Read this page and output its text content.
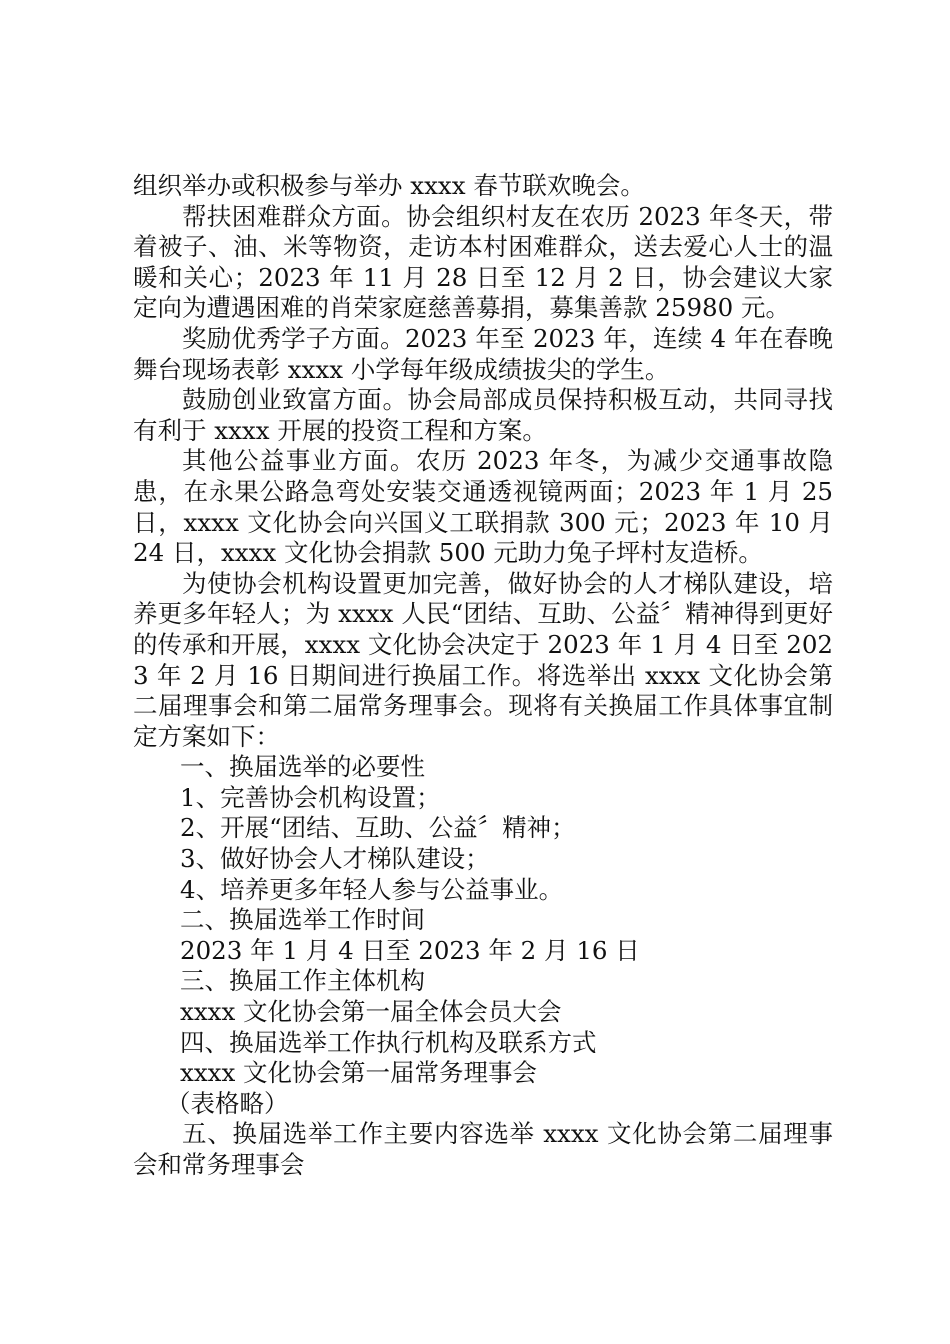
组织举办或积极参与举办 xxxx 春节联欢晚会。

帮扶困难群众方面。协会组织村友在农历 2023 年冬天，带着被子、油、米等物资，走访本村困难群众，送去爱心人士的温暖和关心；2023 年 11 月 28 日至 12 月 2 日，协会建议大家定向为遭遇困难的肖荣家庭慈善募捐，募集善款 25980 元。

奖励优秀学子方面。2023 年至 2023 年，连续 4 年在春晚舞台现场表彰 xxxx 小学每年级成绩拔尖的学生。

鼓励创业致富方面。协会局部成员保持积极互动，共同寻找有利于 xxxx 开展的投资工程和方案。

其他公益事业方面。农历 2023 年冬，为减少交通事故隐患，在永果公路急弯处安装交通透视镜两面；2023 年 1 月 25 日，xxxx 文化协会向兴国义工联捐款 300 元；2023 年 10 月 24 日，xxxx 文化协会捐款 500 元助力兔子坪村友造桥。

为使协会机构设置更加完善，做好协会的人才梯队建设，培养更多年轻人；为 xxxx 人民“团结、互助、公益〞精神得到更好的传承和开展，xxxx 文化协会决定于 2023 年 1 月 4 日至 2023 年 2 月 16 日期间进行换届工作。将选举出 xxxx 文化协会第二届理事会和第二届常务理事会。现将有关换届工作具体事宜制定方案如下：

一、换届选举的必要性

1、完善协会机构设置；

2、开展“团结、互助、公益〞精神；

3、做好协会人才梯队建设；

4、培养更多年轻人参与公益事业。

二、换届选举工作时间

2023 年 1 月 4 日至 2023 年 2 月 16 日

三、换届工作主体机构

xxxx 文化协会第一届全体会员大会

四、换届选举工作执行机构及联系方式

xxxx 文化协会第一届常务理事会

（表格略）

五、换届选举工作主要内容选举 xxxx 文化协会第二届理事会和常务理事会
